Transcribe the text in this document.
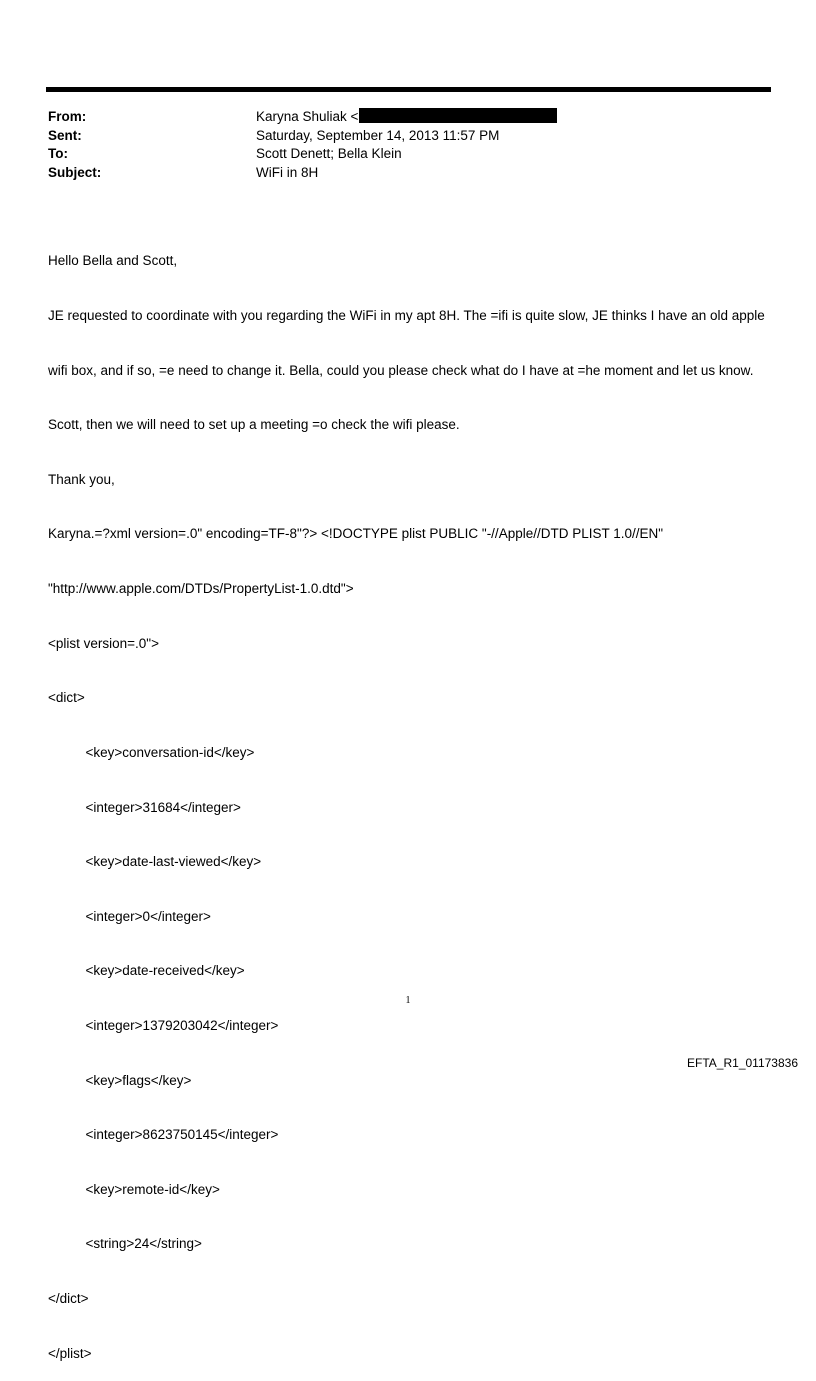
From:	Karyna Shuliak <
Sent:	Saturday, September 14, 2013 11:57 PM
To:	Scott Denett; Bella Klein
Subject:	WiFi in 8H

Hello Bella and Scott,

JE requested to coordinate with you regarding the WiFi in my apt 8H. The =ifi is quite slow, JE thinks I have an old apple

wifi box, and if so, =e need to change it. Bella, could you please check what do I have at =he moment and let us know.

Scott, then we will need to set up a meeting =o check the wifi please.

Thank you,

Karyna.=?xml version=.0" encoding=TF-8"?> <!DOCTYPE plist PUBLIC "-//Apple//DTD PLIST 1.0//EN"

"http://www.apple.com/DTDs/PropertyList-1.0.dtd">

<plist version=.0">

<dict>

<key>conversation-id</key>

<integer>31684</integer>

<key>date-last-viewed</key>

<integer>0</integer>

<key>date-received</key>

<integer>1379203042</integer>

<key>flags</key>

<integer>8623750145</integer>

<key>remote-id</key>

<string>24</string>

</dict>

</plist>

1
EFTA_R1_01173836
